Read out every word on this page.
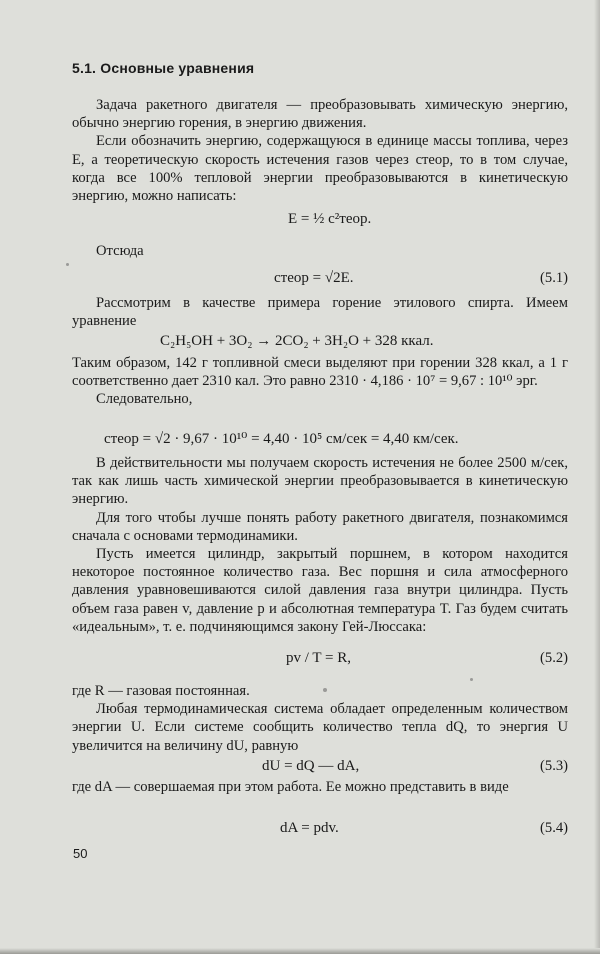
5.1. Основные уравнения

Задача ракетного двигателя — преобразовывать химическую энергию, обычно энергию горения, в энергию движения.

Если обозначить энергию, содержащуюся в единице массы топлива, через E, а теоретическую скорость истечения газов через cтеор, то в том случае, когда все 100% тепловой энергии преобразовываются в кинетическую энергию, можно написать:

E = ½ c²теор.

Отсюда

cтеор = √2E.	(5.1)

Рассмотрим в качестве примера горение этилового спирта. Имеем уравнение

C₂H₅OH + 3O₂ → 2CO₂ + 3H₂O + 328 ккал.

Таким образом, 142 г топливной смеси выделяют при горении 328 ккал, а 1 г соответственно дает 2310 кал. Это равно 2310 · 4,186 · 10⁷ = 9,67 : 10¹⁰ эрг.

Следовательно,

cтеор = √2 · 9,67 · 10¹⁰ = 4,40 · 10⁵ см/сек = 4,40 км/сек.

В действительности мы получаем скорость истечения не более 2500 м/сек, так как лишь часть химической энергии преобразовывается в кинетическую энергию.

Для того чтобы лучше понять работу ракетного двигателя, познакомимся сначала с основами термодинамики.

Пусть имеется цилиндр, закрытый поршнем, в котором находится некоторое постоянное количество газа. Вес поршня и сила атмосферного давления уравновешиваются силой давления газа внутри цилиндра. Пусть объем газа равен v, давление p и абсолютная температура T. Газ будем считать «идеальным», т. е. подчиняющимся закону Гей-Люссака:

pv / T = R,	(5.2)

где R — газовая постоянная.

Любая термодинамическая система обладает определенным количеством энергии U. Если системе сообщить количество тепла dQ, то энергия U увеличится на величину dU, равную

dU = dQ — dA,	(5.3)

где dA — совершаемая при этом работа. Ее можно представить в виде

dA = pdv.	(5.4)
50
